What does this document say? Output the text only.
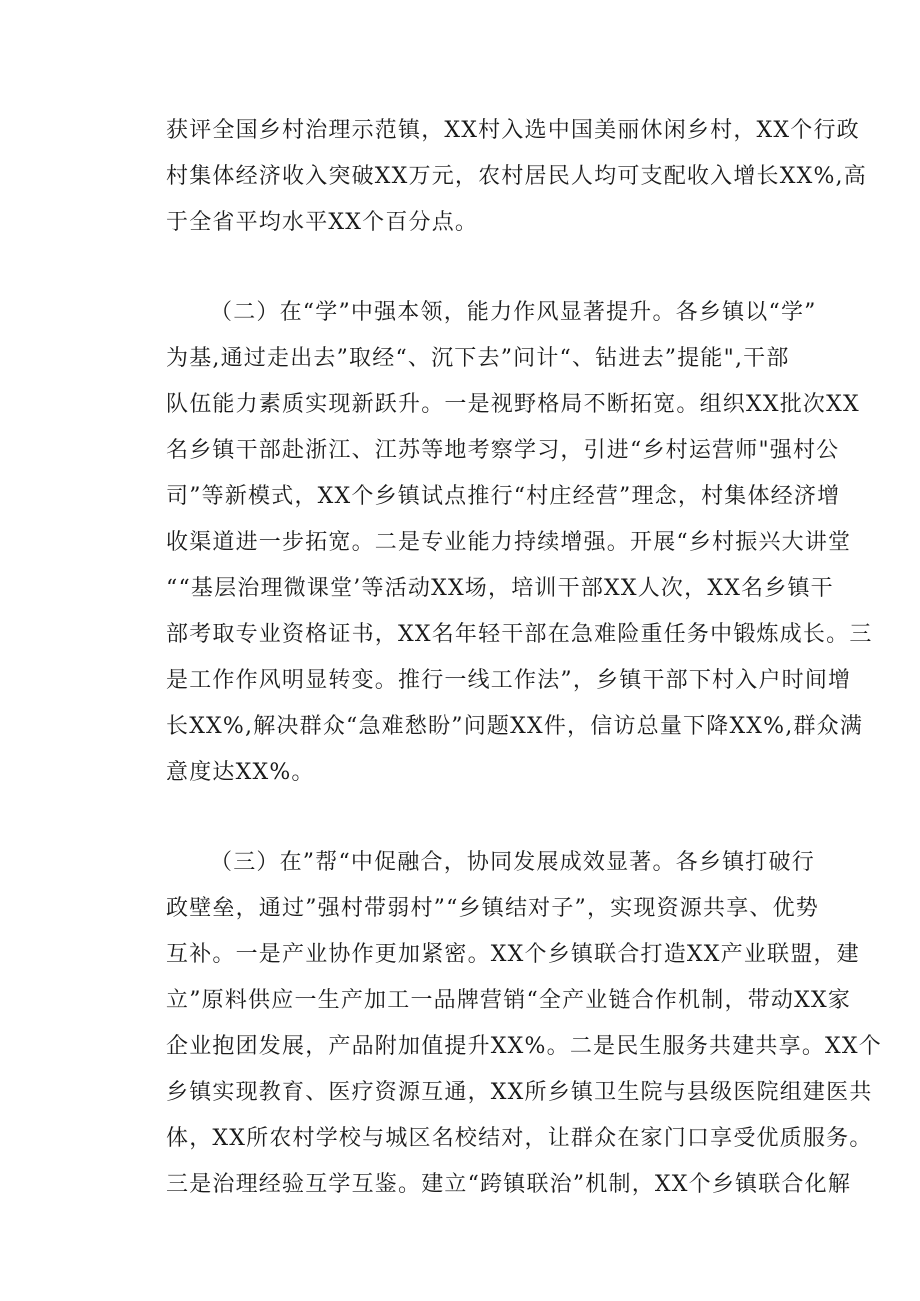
获评全国乡村治理示范镇，XX村入选中国美丽休闲乡村，XX个行政
村集体经济收入突破XX万元，农村居民人均可支配收入增长XX%,高
于全省平均水平XX个百分点。

（二）在“学”中强本领，能力作风显著提升。各乡镇以“学”
为基,通过走出去”取经“、沉下去”问计“、钻进去”提能",干部
队伍能力素质实现新跃升。一是视野格局不断拓宽。组织XX批次XX
名乡镇干部赴浙江、江苏等地考察学习，引进“乡村运营师"强村公
司”等新模式，XX个乡镇试点推行“村庄经营”理念，村集体经济增
收渠道进一步拓宽。二是专业能力持续增强。开展“乡村振兴大讲堂
““基层治理微课堂’等活动XX场，培训干部XX人次，XX名乡镇干
部考取专业资格证书，XX名年轻干部在急难险重任务中锻炼成长。三
是工作作风明显转变。推行一线工作法”，乡镇干部下村入户时间增
长XX%,解决群众“急难愁盼”问题XX件，信访总量下降XX%,群众满
意度达XX%。

（三）在”帮“中促融合，协同发展成效显著。各乡镇打破行
政壁垒，通过”强村带弱村”“乡镇结对子”，实现资源共享、优势
互补。一是产业协作更加紧密。XX个乡镇联合打造XX产业联盟，建
立”原料供应一生产加工一品牌营销“全产业链合作机制，带动XX家
企业抱团发展，产品附加值提升XX%。二是民生服务共建共享。XX个
乡镇实现教育、医疗资源互通，XX所乡镇卫生院与县级医院组建医共
体，XX所农村学校与城区名校结对，让群众在家门口享受优质服务。
三是治理经验互学互鉴。建立“跨镇联治”机制，XX个乡镇联合化解
